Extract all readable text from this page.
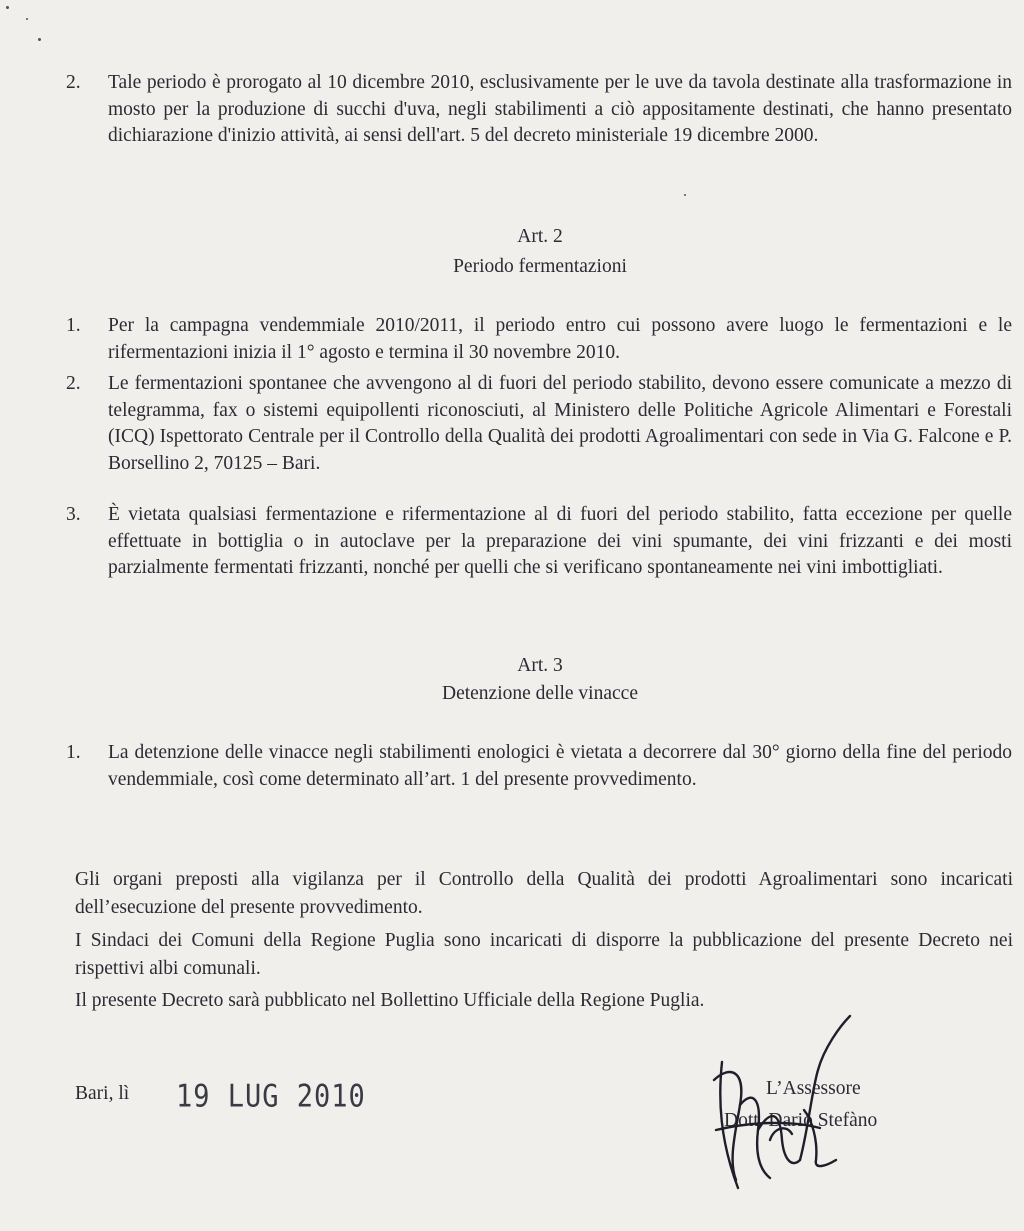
2. Tale periodo è prorogato al 10 dicembre 2010, esclusivamente per le uve da tavola destinate alla trasformazione in mosto per la produzione di succhi d'uva, negli stabilimenti a ciò appositamente destinati, che hanno presentato dichiarazione d'inizio attività, ai sensi dell'art. 5 del decreto ministeriale 19 dicembre 2000.
Art. 2
Periodo fermentazioni
1. Per la campagna vendemmiale 2010/2011, il periodo entro cui possono avere luogo le fermentazioni e le rifermentazioni inizia il 1° agosto e termina il 30 novembre 2010.
2. Le fermentazioni spontanee che avvengono al di fuori del periodo stabilito, devono essere comunicate a mezzo di telegramma, fax o sistemi equipollenti riconosciuti, al Ministero delle Politiche Agricole Alimentari e Forestali (ICQ) Ispettorato Centrale per il Controllo della Qualità dei prodotti Agroalimentari con sede in Via G. Falcone e P. Borsellino 2, 70125 – Bari.
3. È vietata qualsiasi fermentazione e rifermentazione al di fuori del periodo stabilito, fatta eccezione per quelle effettuate in bottiglia o in autoclave per la preparazione dei vini spumante, dei vini frizzanti e dei mosti parzialmente fermentati frizzanti, nonché per quelli che si verificano spontaneamente nei vini imbottigliati.
Art. 3
Detenzione delle vinacce
1. La detenzione delle vinacce negli stabilimenti enologici è vietata a decorrere dal 30° giorno della fine del periodo vendemmiale, così come determinato all’art. 1 del presente provvedimento.
Gli organi preposti alla vigilanza per il Controllo della Qualità dei prodotti Agroalimentari sono incaricati dell’esecuzione del presente provvedimento.
I Sindaci dei Comuni della Regione Puglia sono incaricati di disporre la pubblicazione del presente Decreto nei rispettivi albi comunali.
Il presente Decreto sarà pubblicato nel Bollettino Ufficiale della Regione Puglia.
Bari, lì 19 LUG 2010	L’Assessore
Dott. Dario Stefàno
